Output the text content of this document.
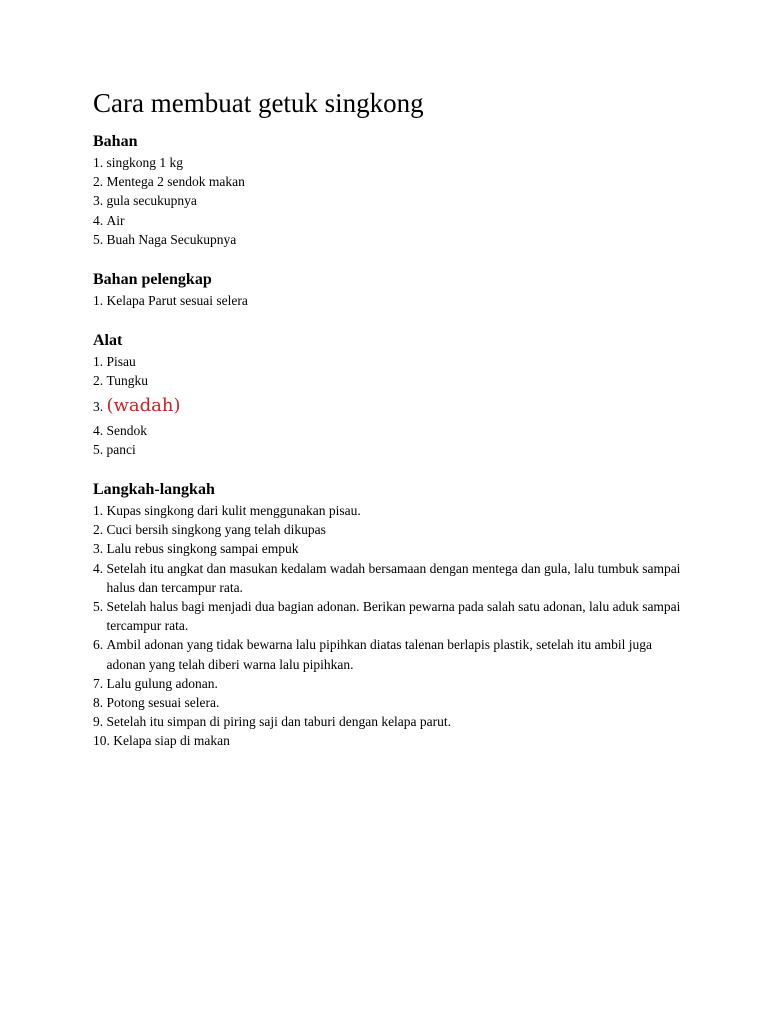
Cara membuat getuk singkong
Bahan
1. singkong 1 kg
2. Mentega 2 sendok makan
3. gula secukupnya
4. Air
5. Buah Naga Secukupnya
Bahan pelengkap
1. Kelapa Parut sesuai selera
Alat
1. Pisau
2. Tungku
3. (wadah)
4. Sendok
5. panci
Langkah-langkah
1. Kupas singkong dari kulit menggunakan pisau.
2. Cuci bersih singkong yang telah dikupas
3. Lalu rebus singkong sampai empuk
4. Setelah itu angkat dan masukan kedalam wadah bersamaan dengan mentega dan gula, lalu tumbuk sampai halus dan tercampur rata.
5. Setelah halus bagi menjadi dua bagian adonan. Berikan pewarna pada salah satu adonan, lalu aduk sampai tercampur rata.
6. Ambil adonan yang tidak bewarna lalu pipihkan diatas talenan berlapis plastik, setelah itu ambil juga adonan yang telah diberi warna lalu pipihkan.
7. Lalu gulung adonan.
8. Potong sesuai selera.
9. Setelah itu simpan di piring saji dan taburi dengan kelapa parut.
10. Kelapa siap di makan
